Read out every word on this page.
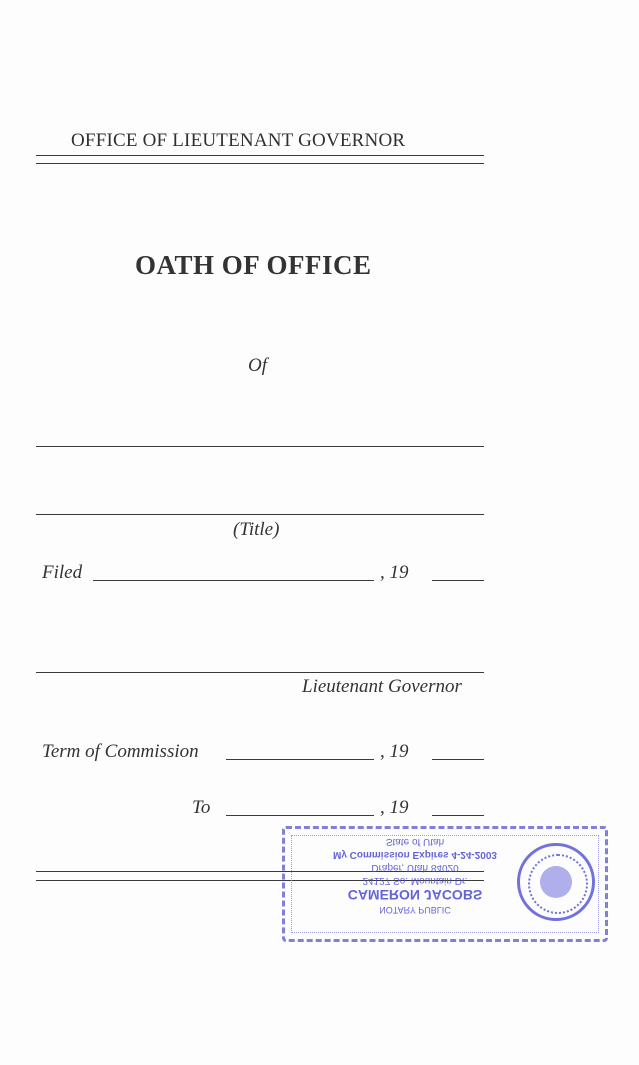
OFFICE OF LIEUTENANT GOVERNOR
OATH OF OFFICE
Of
(Title)
Filed	, 19
Lieutenant Governor
Term of Commission	, 19
To	, 19
NOTARY PUBLIC
CAMERON JACOBS
24127 So. Mountain Dr.
Draper, Utah 84020
My Commission Expires 4-24-2003
State of Utah
